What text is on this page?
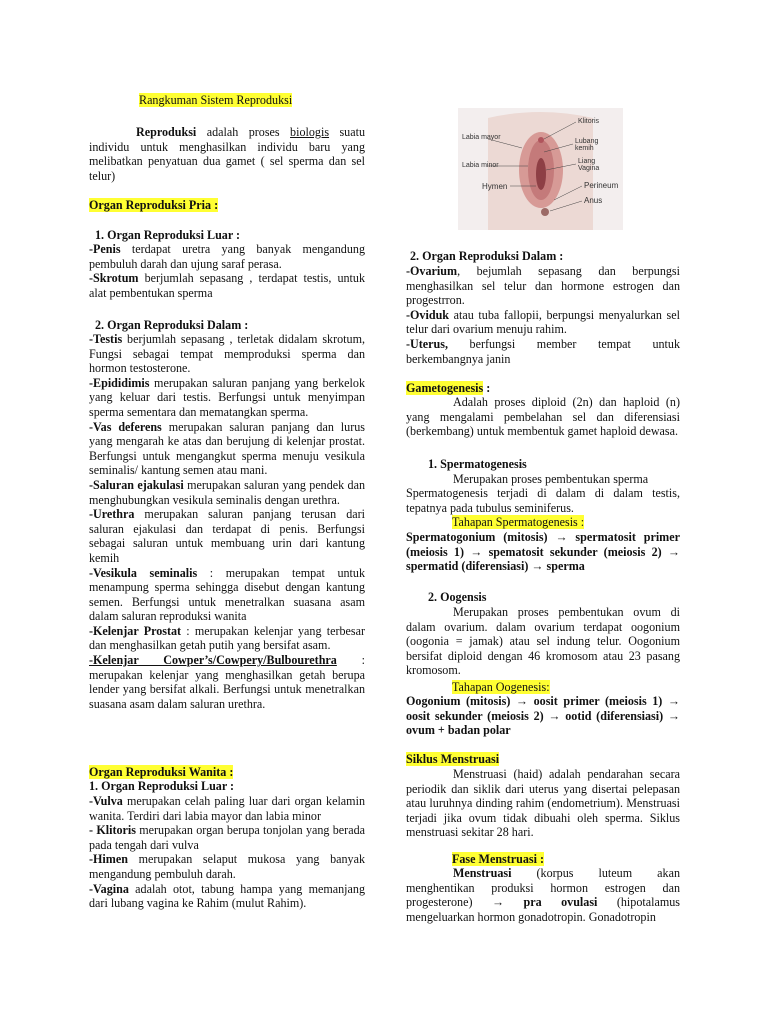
Rangkuman Sistem Reproduksi

Reproduksi adalah proses biologis suatu individu untuk menghasilkan individu baru yang melibatkan penyatuan dua gamet ( sel sperma dan sel telur)

Organ Reproduksi Pria :

1. Organ Reproduksi Luar :

-Penis terdapat uretra yang banyak mengandung pembuluh darah dan ujung saraf perasa.

-Skrotum berjumlah sepasang , terdapat testis, untuk alat pembentukan sperma

2. Organ Reproduksi Dalam :

-Testis berjumlah sepasang , terletak didalam skrotum, Fungsi sebagai tempat memproduksi sperma dan hormon testosterone.

-Epididimis merupakan saluran panjang yang berkelok yang keluar dari testis. Berfungsi untuk menyimpan sperma sementara dan mematangkan sperma.

-Vas deferens merupakan saluran panjang dan lurus yang mengarah ke atas dan berujung di kelenjar prostat. Berfungsi untuk mengangkut sperma menuju vesikula seminalis/ kantung semen atau mani.

-Saluran ejakulasi merupakan saluran yang pendek dan menghubungkan vesikula seminalis dengan urethra.

-Urethra merupakan saluran panjang terusan dari saluran ejakulasi dan terdapat di penis. Berfungsi sebagai saluran untuk membuang urin dari kantung kemih

-Vesikula seminalis : merupakan tempat untuk menampung sperma sehingga disebut dengan kantung semen. Berfungsi untuk menetralkan suasana asam dalam saluran reproduksi wanita

-Kelenjar Prostat : merupakan kelenjar yang terbesar dan menghasilkan getah putih yang bersifat asam.

-Kelenjar Cowper’s/Cowpery/Bulbourethra : merupakan kelenjar yang menghasilkan getah berupa lender yang bersifat alkali. Berfungsi untuk menetralkan suasana asam dalam saluran urethra.

Organ Reproduksi Wanita :

1. Organ Reproduksi Luar :

-Vulva merupakan celah paling luar dari organ kelamin wanita. Terdiri dari labia mayor dan labia minor

- Klitoris merupakan organ berupa tonjolan yang berada pada tengah dari vulva

-Himen merupakan selaput mukosa yang banyak mengandung pembuluh darah.

-Vagina adalah otot, tabung hampa yang memanjang dari lubang vagina ke Rahim (mulut Rahim).

Labia mayor
Labia minor
Hymen
Klitoris
Lubang kemih
Liang Vagina
Perineum
Anus

2. Organ Reproduksi Dalam :

-Ovarium, bejumlah sepasang dan berpungsi menghasilkan sel telur dan hormone estrogen dan progestrron.

-Oviduk atau tuba fallopii, berpungsi menyalurkan sel telur dari ovarium menuju rahim.

-Uterus, berfungsi member tempat untuk berkembangnya janin

Gametogenesis :

Adalah proses diploid (2n) dan haploid (n) yang mengalami pembelahan sel dan diferensiasi (berkembang) untuk membentuk gamet haploid dewasa.

1. Spermatogenesis

Merupakan proses pembentukan sperma

Spermatogenesis terjadi di dalam di dalam testis, tepatnya pada tubulus seminiferus.

Tahapan Spermatogenesis :

Spermatogonium (mitosis) → spermatosit primer (meiosis 1) → spematosit sekunder (meiosis 2) → spermatid (diferensiasi) → sperma

2. Oogensis

Merupakan proses pembentukan ovum di dalam ovarium. dalam ovarium terdapat oogonium (oogonia = jamak) atau sel indung telur. Oogonium bersifat diploid dengan 46 kromosom atau 23 pasang kromosom.

Tahapan Oogenesis:

Oogonium (mitosis) → oosit primer (meiosis 1) → oosit sekunder (meiosis 2) → ootid (diferensiasi) → ovum + badan polar

Siklus Menstruasi

Menstruasi (haid) adalah pendarahan secara periodik dan siklik dari uterus yang disertai pelepasan atau luruhnya dinding rahim (endometrium). Menstruasi terjadi jika ovum tidak dibuahi oleh sperma. Siklus menstruasi sekitar 28 hari.

Fase Menstruasi :

Menstruasi (korpus luteum akan menghentikan produksi hormon estrogen dan progesterone) → pra ovulasi (hipotalamus mengeluarkan hormon gonadotropin. Gonadotropin
